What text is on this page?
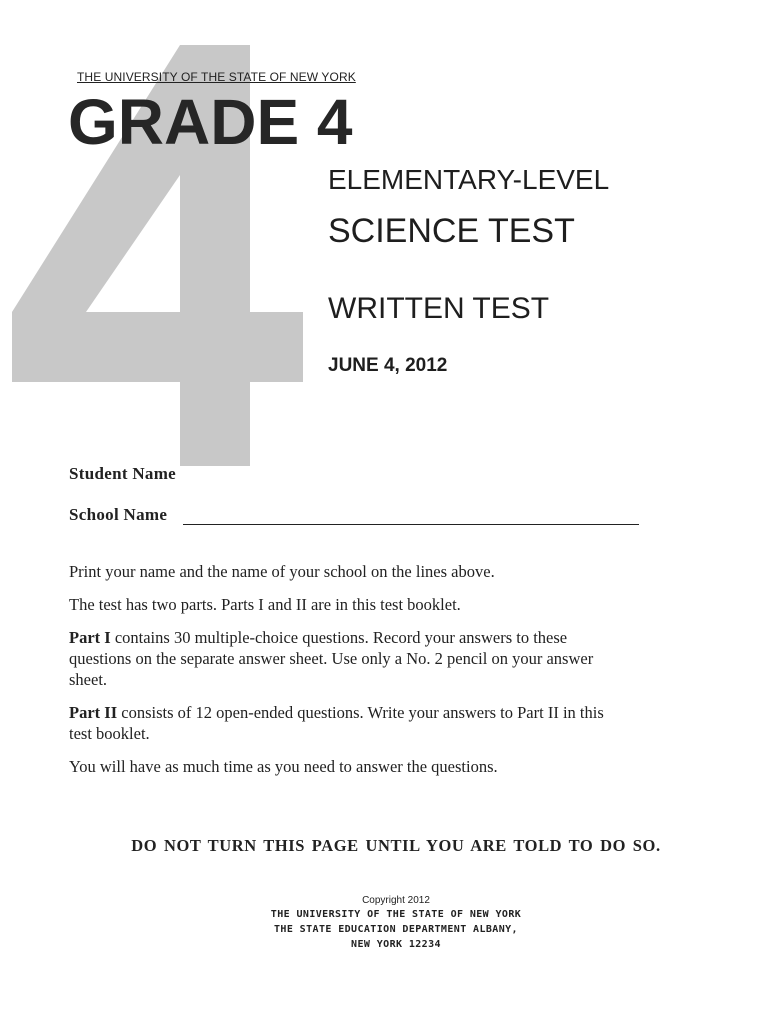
THE UNIVERSITY OF THE STATE OF NEW YORK
GRADE 4
ELEMENTARY-LEVEL
SCIENCE TEST
WRITTEN TEST
JUNE 4, 2012
Student Name
School Name

Print your name and the name of your school on the lines above.

The test has two parts. Parts I and II are in this test booklet.

Part I contains 30 multiple-choice questions. Record your answers to these questions on the separate answer sheet. Use only a No. 2 pencil on your answer sheet.

Part II consists of 12 open-ended questions. Write your answers to Part II in this test booklet.

You will have as much time as you need to answer the questions.

DO NOT TURN THIS PAGE UNTIL YOU ARE TOLD TO DO SO.
Copyright 2012
THE UNIVERSITY OF THE STATE OF NEW YORK
THE STATE EDUCATION DEPARTMENT ALBANY,
NEW YORK 12234
